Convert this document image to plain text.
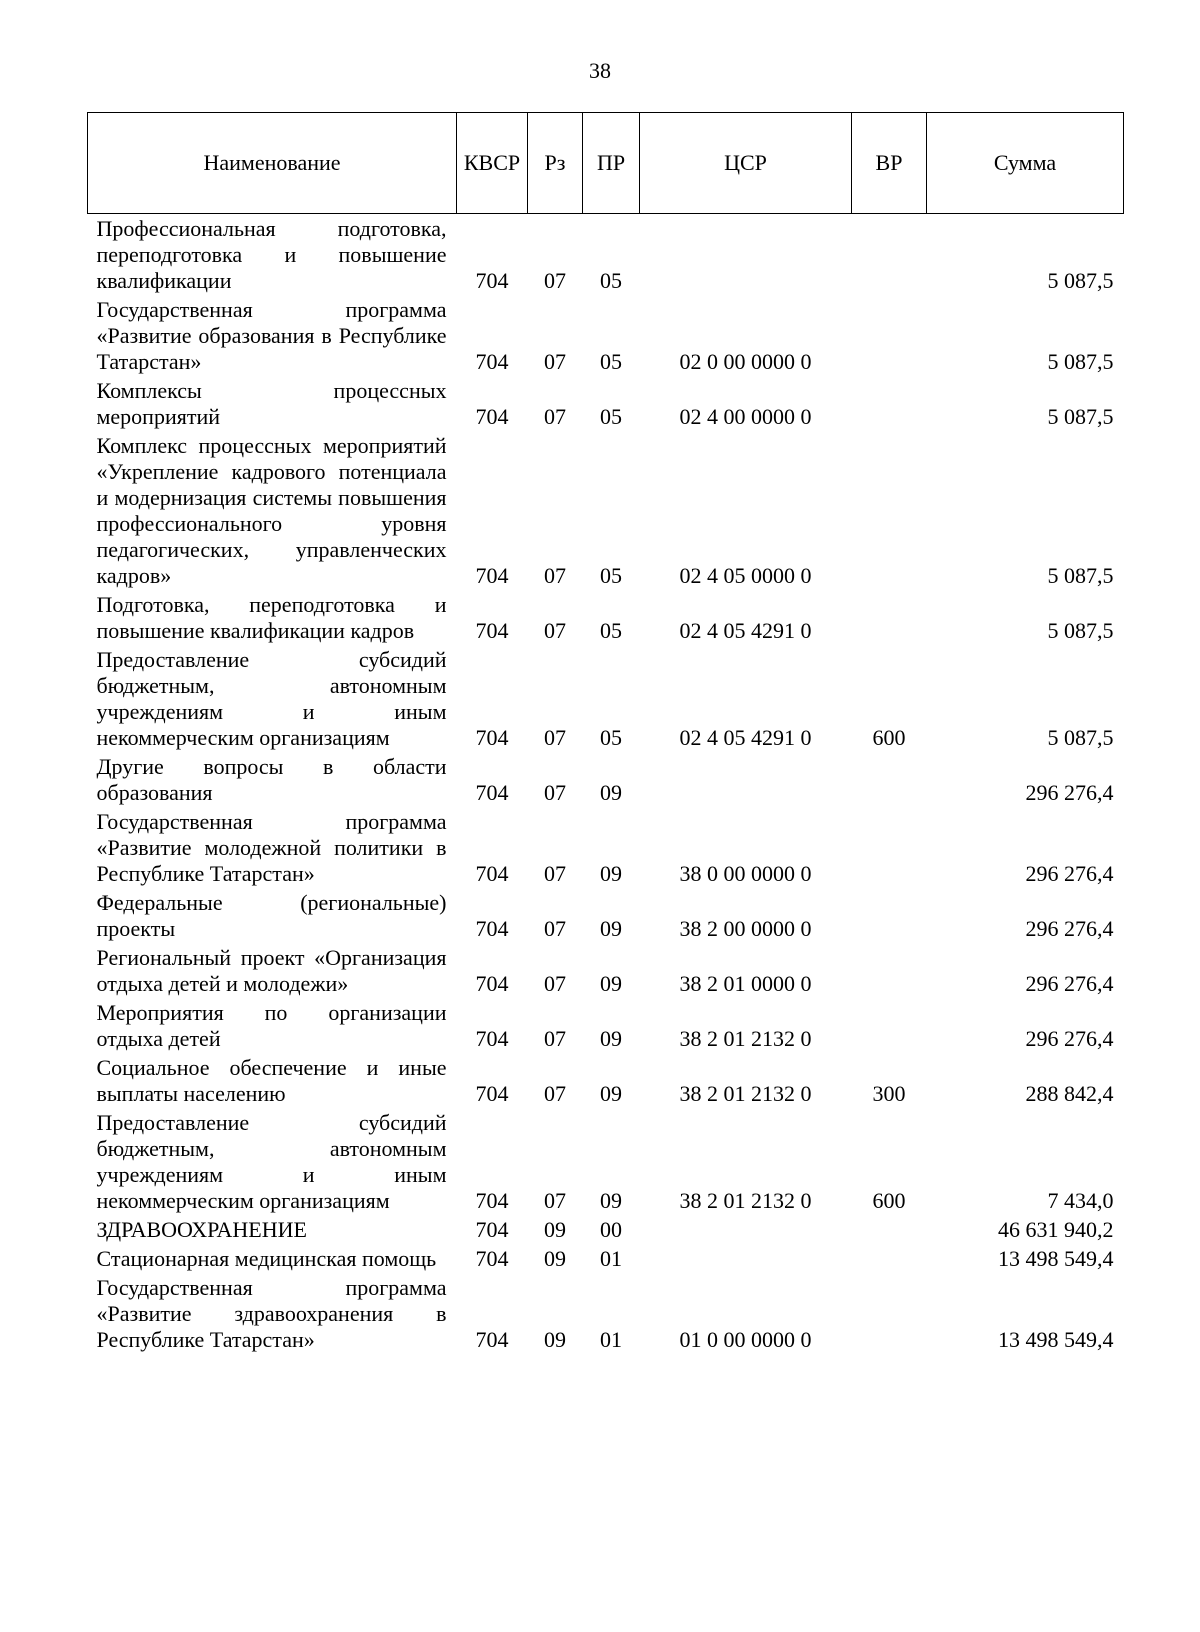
38
Наименование	КВСР	Рз	ПР	ЦСР	ВР	Сумма
Профессиональная подготовка, переподготовка и повышение квалификации	704	07	05			5 087,5
Государственная программа «Развитие образования в Республике Татарстан»	704	07	05	02 0 00 0000 0		5 087,5
Комплексы процессных мероприятий	704	07	05	02 4 00 0000 0		5 087,5
Комплекс процессных мероприятий «Укрепление кадрового потенциала и модернизация системы повышения профессионального уровня педагогических, управленческих кадров»	704	07	05	02 4 05 0000 0		5 087,5
Подготовка, переподготовка и повышение квалификации кадров	704	07	05	02 4 05 4291 0		5 087,5
Предоставление субсидий бюджетным, автономным учреждениям и иным некоммерческим организациям	704	07	05	02 4 05 4291 0	600	5 087,5
Другие вопросы в области образования	704	07	09			296 276,4
Государственная программа «Развитие молодежной политики в Республике Татарстан»	704	07	09	38 0 00 0000 0		296 276,4
Федеральные (региональные) проекты	704	07	09	38 2 00 0000 0		296 276,4
Региональный проект «Организация отдыха детей и молодежи»	704	07	09	38 2 01 0000 0		296 276,4
Мероприятия по организации отдыха детей	704	07	09	38 2 01 2132 0		296 276,4
Социальное обеспечение и иные выплаты населению	704	07	09	38 2 01 2132 0	300	288 842,4
Предоставление субсидий бюджетным, автономным учреждениям и иным некоммерческим организациям	704	07	09	38 2 01 2132 0	600	7 434,0
ЗДРАВООХРАНЕНИЕ	704	09	00			46 631 940,2
Стационарная медицинская помощь	704	09	01			13 498 549,4
Государственная программа «Развитие здравоохранения в Республике Татарстан»	704	09	01	01 0 00 0000 0		13 498 549,4
